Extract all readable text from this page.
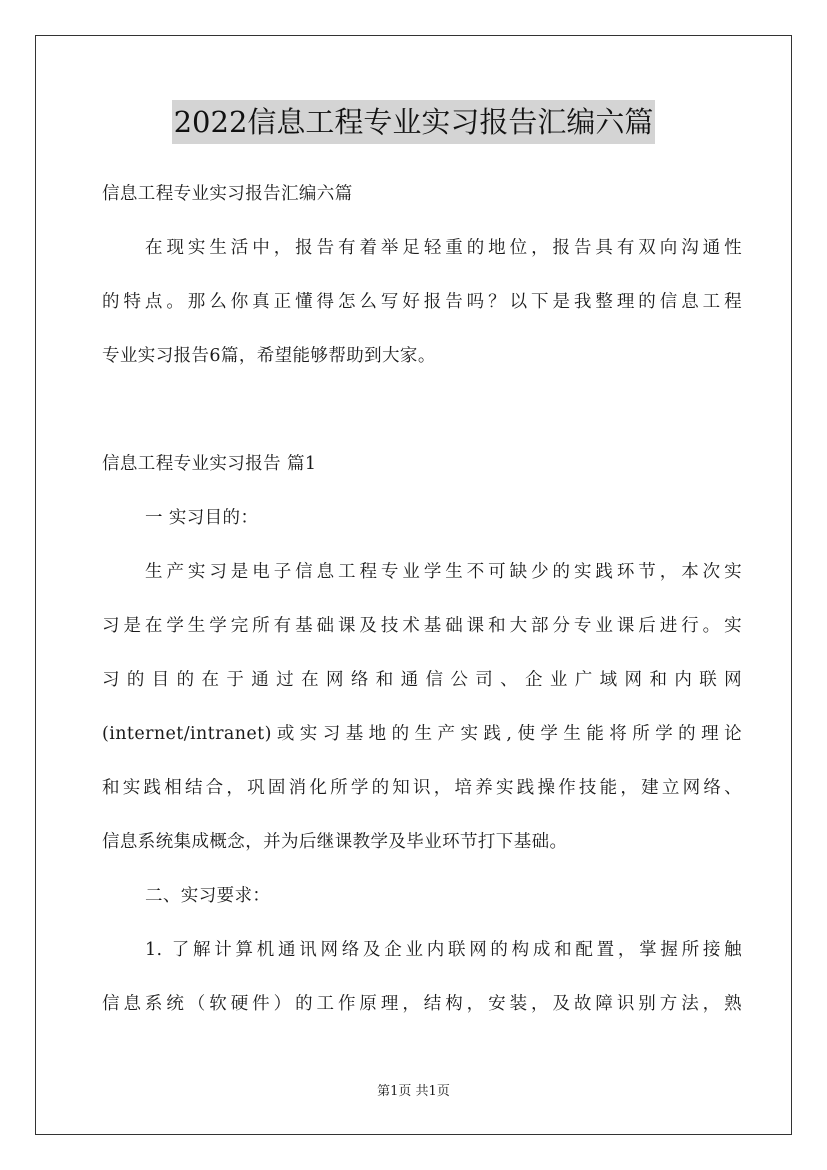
2022信息工程专业实习报告汇编六篇
信息工程专业实习报告汇编六篇
在现实生活中，报告有着举足轻重的地位，报告具有双向沟通性
的特点。那么你真正懂得怎么写好报告吗？以下是我整理的信息工程
专业实习报告6篇，希望能够帮助到大家。
信息工程专业实习报告 篇1
一 实习目的：
生产实习是电子信息工程专业学生不可缺少的实践环节，本次实
习是在学生学完所有基础课及技术基础课和大部分专业课后进行。实
习的目的在于通过在网络和通信公司、企业广域网和内联网
(internet/intranet)或实习基地的生产实践,使学生能将所学的理论
和实践相结合，巩固消化所学的知识，培养实践操作技能，建立网络、
信息系统集成概念，并为后继课教学及毕业环节打下基础。
二、实习要求：
1. 了解计算机通讯网络及企业内联网的构成和配置，掌握所接触
信息系统（软硬件）的工作原理，结构，安装，及故障识别方法，熟
第1页 共1页
